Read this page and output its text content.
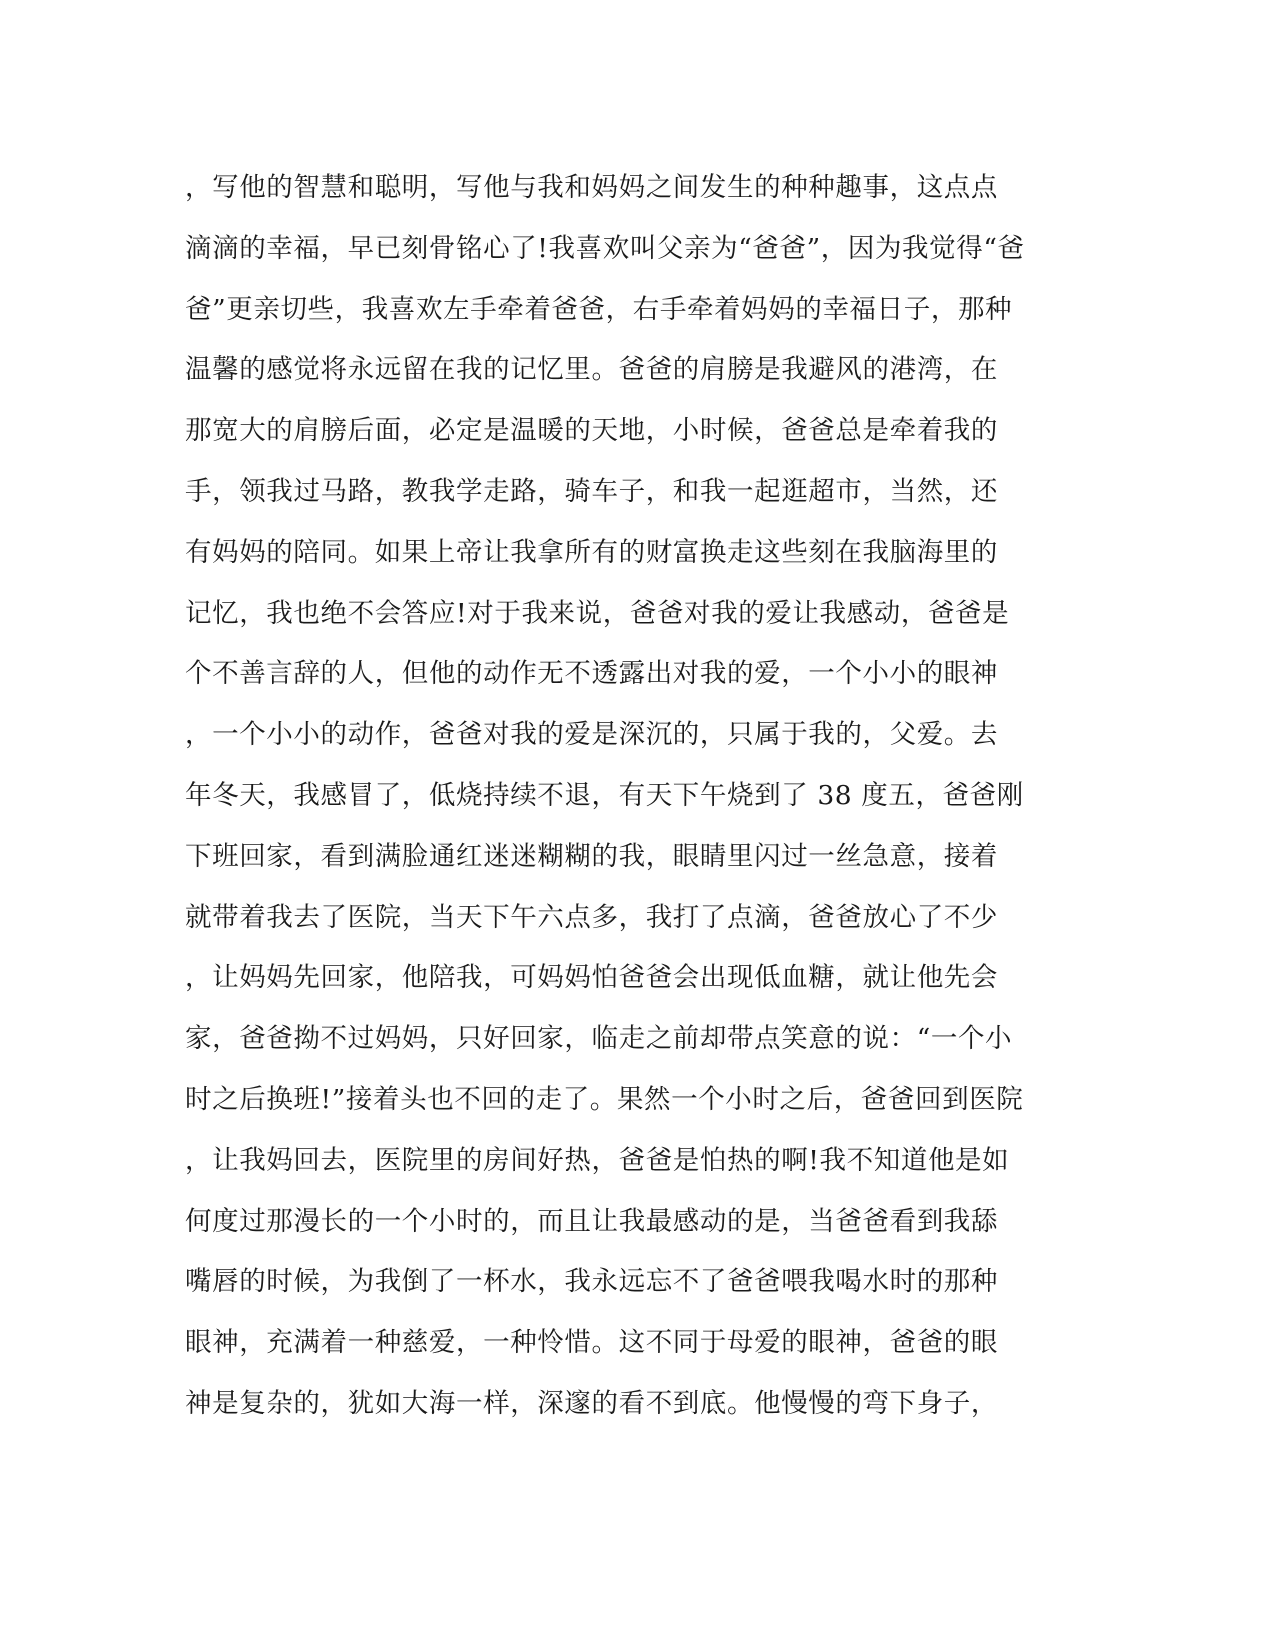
，写他的智慧和聪明，写他与我和妈妈之间发生的种种趣事，这点点
滴滴的幸福，早已刻骨铭心了!我喜欢叫父亲为“爸爸”，因为我觉得“爸
爸”更亲切些，我喜欢左手牵着爸爸，右手牵着妈妈的幸福日子，那种
温馨的感觉将永远留在我的记忆里。爸爸的肩膀是我避风的港湾，在
那宽大的肩膀后面，必定是温暖的天地，小时候，爸爸总是牵着我的
手，领我过马路，教我学走路，骑车子，和我一起逛超市，当然，还
有妈妈的陪同。如果上帝让我拿所有的财富换走这些刻在我脑海里的
记忆，我也绝不会答应!对于我来说，爸爸对我的爱让我感动，爸爸是
个不善言辞的人，但他的动作无不透露出对我的爱，一个小小的眼神
，一个小小的动作，爸爸对我的爱是深沉的，只属于我的，父爱。去
年冬天，我感冒了，低烧持续不退，有天下午烧到了 38 度五，爸爸刚
下班回家，看到满脸通红迷迷糊糊的我，眼睛里闪过一丝急意，接着
就带着我去了医院，当天下午六点多，我打了点滴，爸爸放心了不少
，让妈妈先回家，他陪我，可妈妈怕爸爸会出现低血糖，就让他先会
家，爸爸拗不过妈妈，只好回家，临走之前却带点笑意的说：“一个小
时之后换班!”接着头也不回的走了。果然一个小时之后，爸爸回到医院
，让我妈回去，医院里的房间好热，爸爸是怕热的啊!我不知道他是如
何度过那漫长的一个小时的，而且让我最感动的是，当爸爸看到我舔
嘴唇的时候，为我倒了一杯水，我永远忘不了爸爸喂我喝水时的那种
眼神，充满着一种慈爱，一种怜惜。这不同于母爱的眼神，爸爸的眼
神是复杂的，犹如大海一样，深邃的看不到底。他慢慢的弯下身子，
